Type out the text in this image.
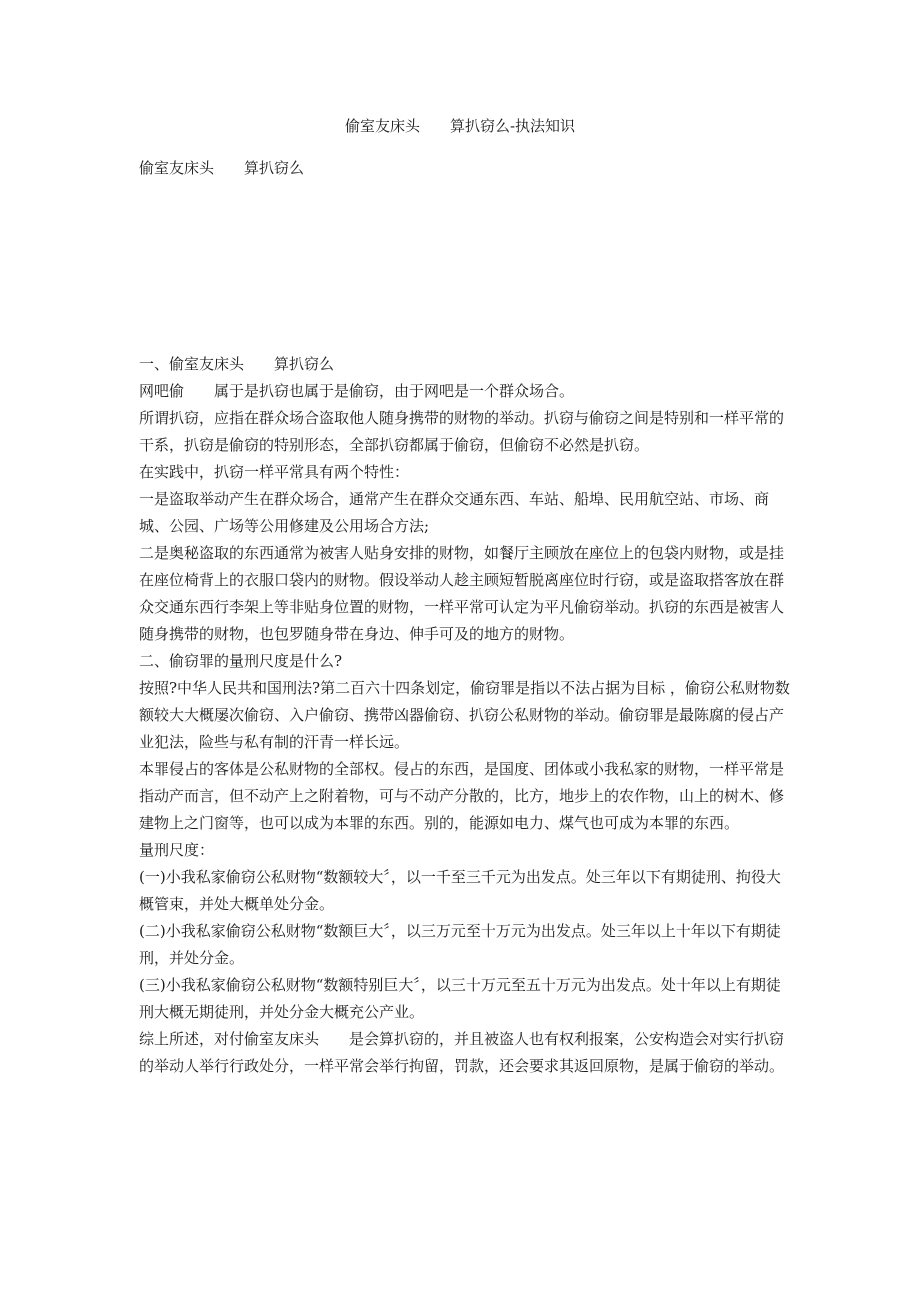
偷室友床头　　算扒窃么-执法知识

偷室友床头　　算扒窃么

一、偷室友床头　　算扒窃么

网吧偷　　属于是扒窃也属于是偷窃，由于网吧是一个群众场合。

所谓扒窃，应指在群众场合盗取他人随身携带的财物的举动。扒窃与偷窃之间是特别和一样平常的干系，扒窃是偷窃的特别形态，全部扒窃都属于偷窃，但偷窃不必然是扒窃。

在实践中，扒窃一样平常具有两个特性：

一是盗取举动产生在群众场合，通常产生在群众交通东西、车站、船埠、民用航空站、市场、商城、公园、广场等公用修建及公用场合方法;

二是奥秘盗取的东西通常为被害人贴身安排的财物，如餐厅主顾放在座位上的包袋内财物，或是挂在座位椅背上的衣服口袋内的财物。假设举动人趁主顾短暂脱离座位时行窃，或是盗取搭客放在群众交通东西行李架上等非贴身位置的财物，一样平常可认定为平凡偷窃举动。扒窃的东西是被害人随身携带的财物，也包罗随身带在身边、伸手可及的地方的财物。

二、偷窃罪的量刑尺度是什么?

按照?中华人民共和国刑法?第二百六十四条划定，偷窃罪是指以不法占据为目标 ，偷窃公私财物数额较大大概屡次偷窃、入户偷窃、携带凶器偷窃、扒窃公私财物的举动。偷窃罪是最陈腐的侵占产业犯法，险些与私有制的汗青一样长远。

本罪侵占的客体是公私财物的全部权。侵占的东西，是国度、团体或小我私家的财物，一样平常是指动产而言，但不动产上之附着物，可与不动产分散的，比方，地步上的农作物，山上的树木、修建物上之门窗等，也可以成为本罪的东西。别的，能源如电力、煤气也可成为本罪的东西。

量刑尺度：

(一)小我私家偷窃公私财物“数额较大〞，以一千至三千元为出发点。处三年以下有期徒刑、拘役大概管束，并处大概单处分金。

(二)小我私家偷窃公私财物“数额巨大〞，以三万元至十万元为出发点。处三年以上十年以下有期徒刑，并处分金。

(三)小我私家偷窃公私财物“数额特别巨大〞，以三十万元至五十万元为出发点。处十年以上有期徒刑大概无期徒刑，并处分金大概充公产业。

综上所述，对付偷室友床头　　是会算扒窃的，并且被盗人也有权利报案，公安构造会对实行扒窃的举动人举行行政处分，一样平常会举行拘留，罚款，还会要求其返回原物，是属于偷窃的举动。
